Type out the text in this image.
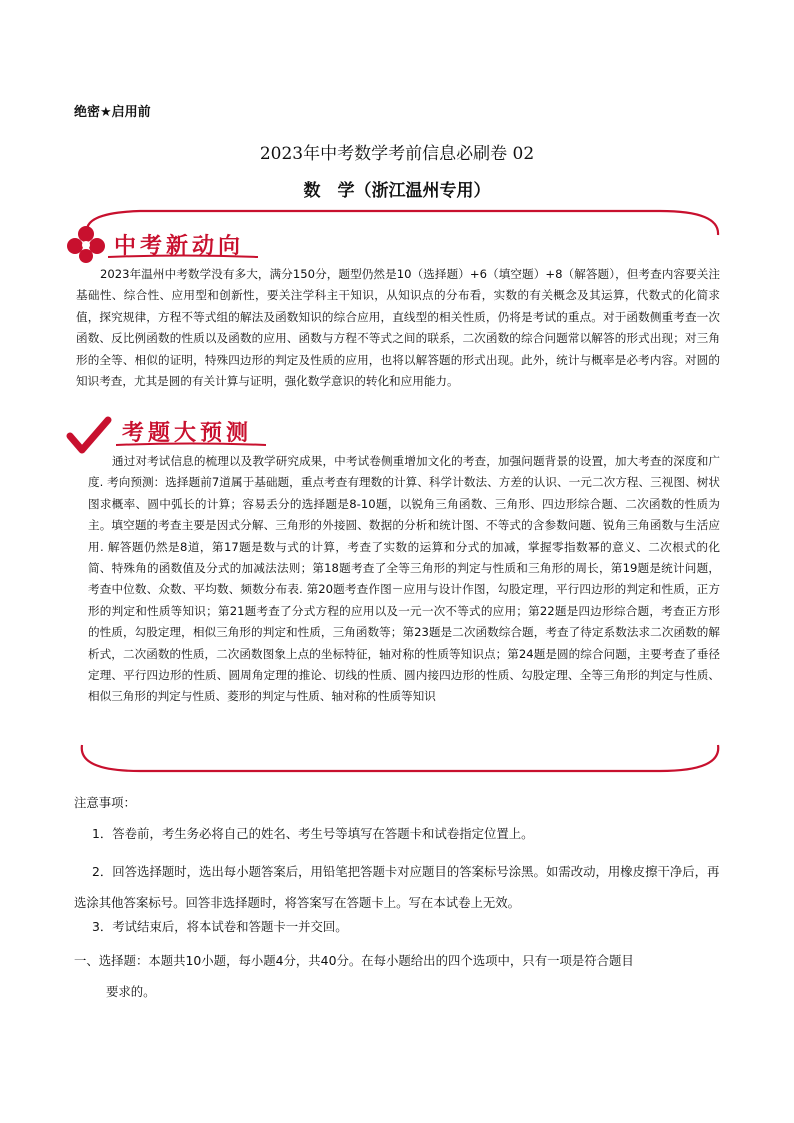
绝密★启用前
2023年中考数学考前信息必刷卷 02
数　学（浙江温州专用）
中考新动向

2023年温州中考数学没有多大，满分150分，题型仍然是10（选择题）+6（填空题）+8（解答题），但考查内容要关注基础性、综合性、应用型和创新性，要关注学科主干知识，从知识点的分布看，实数的有关概念及其运算，代数式的化简求值，探究规律，方程不等式组的解法及函数知识的综合应用，直线型的相关性质，仍将是考试的重点。对于函数侧重考查一次函数、反比例函数的性质以及函数的应用、函数与方程不等式之间的联系，二次函数的综合问题常以解答的形式出现；对三角形的全等、相似的证明，特殊四边形的判定及性质的应用，也将以解答题的形式出现。此外，统计与概率是必考内容。对圆的知识考查，尤其是圆的有关计算与证明，强化数学意识的转化和应用能力。

考题大预测

通过对考试信息的梳理以及教学研究成果，中考试卷侧重增加文化的考查，加强问题背景的设置，加大考查的深度和广度. 考向预测：选择题前7道属于基础题，重点考查有理数的计算、科学计数法、方差的认识、一元二次方程、三视图、树状图求概率、圆中弧长的计算；容易丢分的选择题是8-10题，以锐角三角函数、三角形、四边形综合题、二次函数的性质为主。填空题的考查主要是因式分解、三角形的外接圆、数据的分析和统计图、不等式的含参数问题、锐角三角函数与生活应用. 解答题仍然是8道，第17题是数与式的计算，考查了实数的运算和分式的加减，掌握零指数幂的意义、二次根式的化简、特殊角的函数值及分式的加减法法则；第18题考查了全等三角形的判定与性质和三角形的周长，第19题是统计问题，考查中位数、众数、平均数、频数分布表. 第20题考查作图－应用与设计作图，勾股定理，平行四边形的判定和性质，正方形的判定和性质等知识；第21题考查了分式方程的应用以及一元一次不等式的应用；第22题是四边形综合题，考查正方形的性质，勾股定理，相似三角形的判定和性质，三角函数等；第23题是二次函数综合题，考查了待定系数法求二次函数的解析式，二次函数的性质，二次函数图象上点的坐标特征，轴对称的性质等知识点；第24题是圆的综合问题，主要考查了垂径定理、平行四边形的性质、圆周角定理的推论、切线的性质、圆内接四边形的性质、勾股定理、全等三角形的判定与性质、相似三角形的判定与性质、菱形的判定与性质、轴对称的性质等知识

注意事项：
1．答卷前，考生务必将自己的姓名、考生号等填写在答题卡和试卷指定位置上。
2．回答选择题时，选出每小题答案后，用铅笔把答题卡对应题目的答案标号涂黑。如需改动，用橡皮擦干净后，再选涂其他答案标号。回答非选择题时，将答案写在答题卡上。写在本试卷上无效。
3．考试结束后，将本试卷和答题卡一并交回。
一、选择题：本题共10小题，每小题4分，共40分。在每小题给出的四个选项中，只有一项是符合题目
要求的。
